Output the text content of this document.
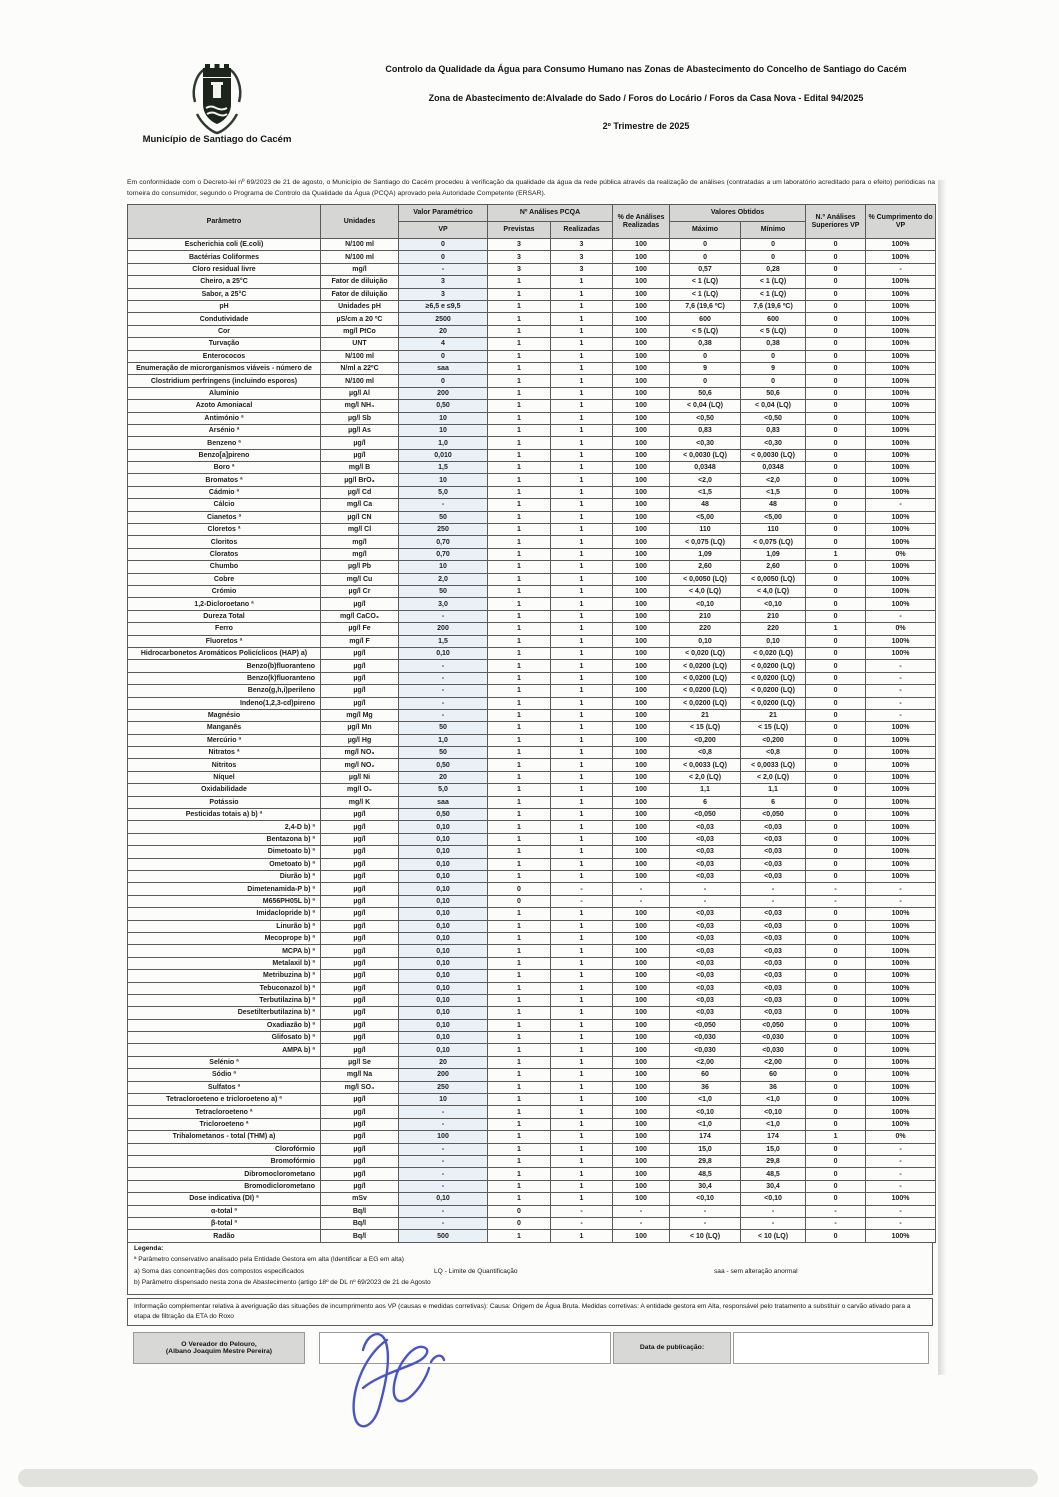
Município de Santiago do Cacém
Controlo da Qualidade da Água para Consumo Humano nas Zonas de Abastecimento do Concelho de Santiago do Cacém
Zona de Abastecimento de:Alvalade do Sado / Foros do Locário / Foros da Casa Nova - Edital 94/2025
2º Trimestre de 2025
Em conformidade com o Decreto-lei nº 69/2023 de 21 de agosto, o Município de Santiago do Cacém procedeu à verificação da qualidade da água da rede pública através da realização de análises (contratadas a um laboratório acreditado para o efeito) periódicas na torneira do consumidor, segundo o Programa de Controlo da Qualidade da Água (PCQA) aprovado pela Autoridade Competente (ERSAR).
Parâmetro	Unidades	Valor Paramétrico	Nº Análises PCQA		% de Análises Realizadas	Valores Obtidos		N.º Análises Superiores VP	% Cumprimento do VP
		VP	Previstas	Realizadas		Máximo	Mínimo		
Escherichia coli (E.coli)	N/100 ml	0	3	3	100	0	0	0	100%
Bactérias Coliformes	N/100 ml	0	3	3	100	0	0	0	100%
Cloro residual livre	mg/l	-	3	3	100	0,57	0,28	0	-
Cheiro, a 25°C	Fator de diluição	3	1	1	100	< 1 (LQ)	< 1 (LQ)	0	100%
Sabor, a 25°C	Fator de diluição	3	1	1	100	< 1 (LQ)	< 1 (LQ)	0	100%
pH	Unidades pH	≥6,5 e ≤9,5	1	1	100	7,6 (19,6 ºC)	7,6 (19,6 ºC)	0	100%
Condutividade	µS/cm a 20 ºC	2500	1	1	100	600	600	0	100%
Cor	mg/l PtCo	20	1	1	100	< 5 (LQ)	< 5 (LQ)	0	100%
Turvação	UNT	4	1	1	100	0,38	0,38	0	100%
Enterococos	N/100 ml	0	1	1	100	0	0	0	100%
Enumeração de microrganismos viáveis - número de	N/ml a 22ºC	saa	1	1	100	9	9	0	100%
Clostridium perfringens (incluindo esporos)	N/100 ml	0	1	1	100	0	0	0	100%
Alumínio	µg/l Al	200	1	1	100	50,6	50,6	0	100%
Azoto Amoniacal	mg/l NH₄	0,50	1	1	100	< 0,04 (LQ)	< 0,04 (LQ)	0	100%
Antimónio ª	µg/l Sb	10	1	1	100	<0,50	<0,50	0	100%
Arsénio ª	µg/l As	10	1	1	100	0,83	0,83	0	100%
Benzeno ª	µg/l	1,0	1	1	100	<0,30	<0,30	0	100%
Benzo[a]pireno	µg/l	0,010	1	1	100	< 0,0030 (LQ)	< 0,0030 (LQ)	0	100%
Boro ª	mg/l B	1,5	1	1	100	0,0348	0,0348	0	100%
Bromatos ª	µg/l BrO₃	10	1	1	100	<2,0	<2,0	0	100%
Cádmio ª	µg/l Cd	5,0	1	1	100	<1,5	<1,5	0	100%
Cálcio	mg/l Ca	-	1	1	100	48	48	0	-
Cianetos ª	µg/l CN	50	1	1	100	<5,00	<5,00	0	100%
Cloretos ª	mg/l Cl	250	1	1	100	110	110	0	100%
Cloritos	mg/l	0,70	1	1	100	< 0,075 (LQ)	< 0,075 (LQ)	0	100%
Cloratos	mg/l	0,70	1	1	100	1,09	1,09	1	0%
Chumbo	µg/l Pb	10	1	1	100	2,60	2,60	0	100%
Cobre	mg/l Cu	2,0	1	1	100	< 0,0050 (LQ)	< 0,0050 (LQ)	0	100%
Crómio	µg/l Cr	50	1	1	100	< 4,0 (LQ)	< 4,0 (LQ)	0	100%
1,2-Dicloroetano ª	µg/l	3,0	1	1	100	<0,10	<0,10	0	100%
Dureza Total	mg/l CaCO₃	-	1	1	100	210	210	0	-
Ferro	µg/l Fe	200	1	1	100	220	220	1	0%
Fluoretos ª	mg/l F	1,5	1	1	100	0,10	0,10	0	100%
Hidrocarbonetos Aromáticos Policíclicos (HAP) a)	µg/l	0,10	1	1	100	< 0,020 (LQ)	< 0,020 (LQ)	0	100%
Benzo(b)fluoranteno	µg/l	-	1	1	100	< 0,0200 (LQ)	< 0,0200 (LQ)	0	-
Benzo(k)fluoranteno	µg/l	-	1	1	100	< 0,0200 (LQ)	< 0,0200 (LQ)	0	-
Benzo(g,h,i)perileno	µg/l	-	1	1	100	< 0,0200 (LQ)	< 0,0200 (LQ)	0	-
Indeno(1,2,3-cd)pireno	µg/l	-	1	1	100	< 0,0200 (LQ)	< 0,0200 (LQ)	0	-
Magnésio	mg/l Mg	-	1	1	100	21	21	0	-
Manganês	µg/l Mn	50	1	1	100	< 15 (LQ)	< 15 (LQ)	0	100%
Mercúrio ª	µg/l Hg	1,0	1	1	100	<0,200	<0,200	0	100%
Nitratos ª	mg/l NO₃	50	1	1	100	<0,8	<0,8	0	100%
Nitritos	mg/l NO₂	0,50	1	1	100	< 0,0033 (LQ)	< 0,0033 (LQ)	0	100%
Níquel	µg/l Ni	20	1	1	100	< 2,0 (LQ)	< 2,0 (LQ)	0	100%
Oxidabilidade	mg/l O₂	5,0	1	1	100	1,1	1,1	0	100%
Potássio	mg/l K	saa	1	1	100	6	6	0	100%
Pesticidas totais a) b) ª	µg/l	0,50	1	1	100	<0,050	<0,050	0	100%
2,4-D b) ª	µg/l	0,10	1	1	100	<0,03	<0,03	0	100%
Bentazona b) ª	µg/l	0,10	1	1	100	<0,03	<0,03	0	100%
Dimetoato b) ª	µg/l	0,10	1	1	100	<0,03	<0,03	0	100%
Ometoato b) ª	µg/l	0,10	1	1	100	<0,03	<0,03	0	100%
Diurão b) ª	µg/l	0,10	1	1	100	<0,03	<0,03	0	100%
Dimetenamida-P b) ª	µg/l	0,10	0	-	-	-	-	-	-
M656PH05L b) ª	µg/l	0,10	0	-	-	-	-	-	-
Imidaclopride b) ª	µg/l	0,10	1	1	100	<0,03	<0,03	0	100%
Linurão b) ª	µg/l	0,10	1	1	100	<0,03	<0,03	0	100%
Mecoprope b) ª	µg/l	0,10	1	1	100	<0,03	<0,03	0	100%
MCPA b) ª	µg/l	0,10	1	1	100	<0,03	<0,03	0	100%
Metalaxil b) ª	µg/l	0,10	1	1	100	<0,03	<0,03	0	100%
Metribuzina b) ª	µg/l	0,10	1	1	100	<0,03	<0,03	0	100%
Tebuconazol b) ª	µg/l	0,10	1	1	100	<0,03	<0,03	0	100%
Terbutilazina b) ª	µg/l	0,10	1	1	100	<0,03	<0,03	0	100%
Desetilterbutilazina b) ª	µg/l	0,10	1	1	100	<0,03	<0,03	0	100%
Oxadiazão b) ª	µg/l	0,10	1	1	100	<0,050	<0,050	0	100%
Glifosato b) ª	µg/l	0,10	1	1	100	<0,030	<0,030	0	100%
AMPA b) ª	µg/l	0,10	1	1	100	<0,030	<0,030	0	100%
Selénio ª	µg/l Se	20	1	1	100	<2,00	<2,00	0	100%
Sódio ª	mg/l Na	200	1	1	100	60	60	0	100%
Sulfatos ª	mg/l SO₄	250	1	1	100	36	36	0	100%
Tetracloroeteno e tricloroeteno a) ª	µg/l	10	1	1	100	<1,0	<1,0	0	100%
Tetracloroeteno ª	µg/l	-	1	1	100	<0,10	<0,10	0	100%
Tricloroeteno ª	µg/l	-	1	1	100	<1,0	<1,0	0	100%
Trihalometanos - total (THM) a)	µg/l	100	1	1	100	174	174	1	0%
Clorofórmio	µg/l	-	1	1	100	15,0	15,0	0	-
Bromofórmio	µg/l	-	1	1	100	29,8	29,8	0	-
Dibromoclorometano	µg/l	-	1	1	100	48,5	48,5	0	-
Bromodiclorometano	µg/l	-	1	1	100	30,4	30,4	0	-
Dose indicativa (DI) ª	mSv	0,10	1	1	100	<0,10	<0,10	0	100%
α-total ª	Bq/l	-	0	-	-	-	-	-	-
β-total ª	Bq/l	-	0	-	-	-	-	-	-
Radão	Bq/l	500	1	1	100	< 10 (LQ)	< 10 (LQ)	0	100%
Legenda:
ª Parâmetro conservativo analisado pela Entidade Gestora em alta (Identificar a EG em alta)
a) Soma das concentrações dos compostos especificados	LQ - Limite de Quantificação	saa - sem alteração anormal
b) Parâmetro dispensado nesta zona de Abastecimento (artigo 18º de DL nº 69/2023 de 21 de Agosto
Informação complementar relativa à averiguação das situações de incumprimento aos VP (causas e medidas corretivas): Causa: Origem de Água Bruta. Medidas corretivas: A entidade gestora em Alta, responsável pelo tratamento a substituir o carvão ativado para a etapa de filtração da ETA do Roxo
O Vereador do Pelouro,
(Albano Joaquim Mestre Pereira)	Data de publicação:
